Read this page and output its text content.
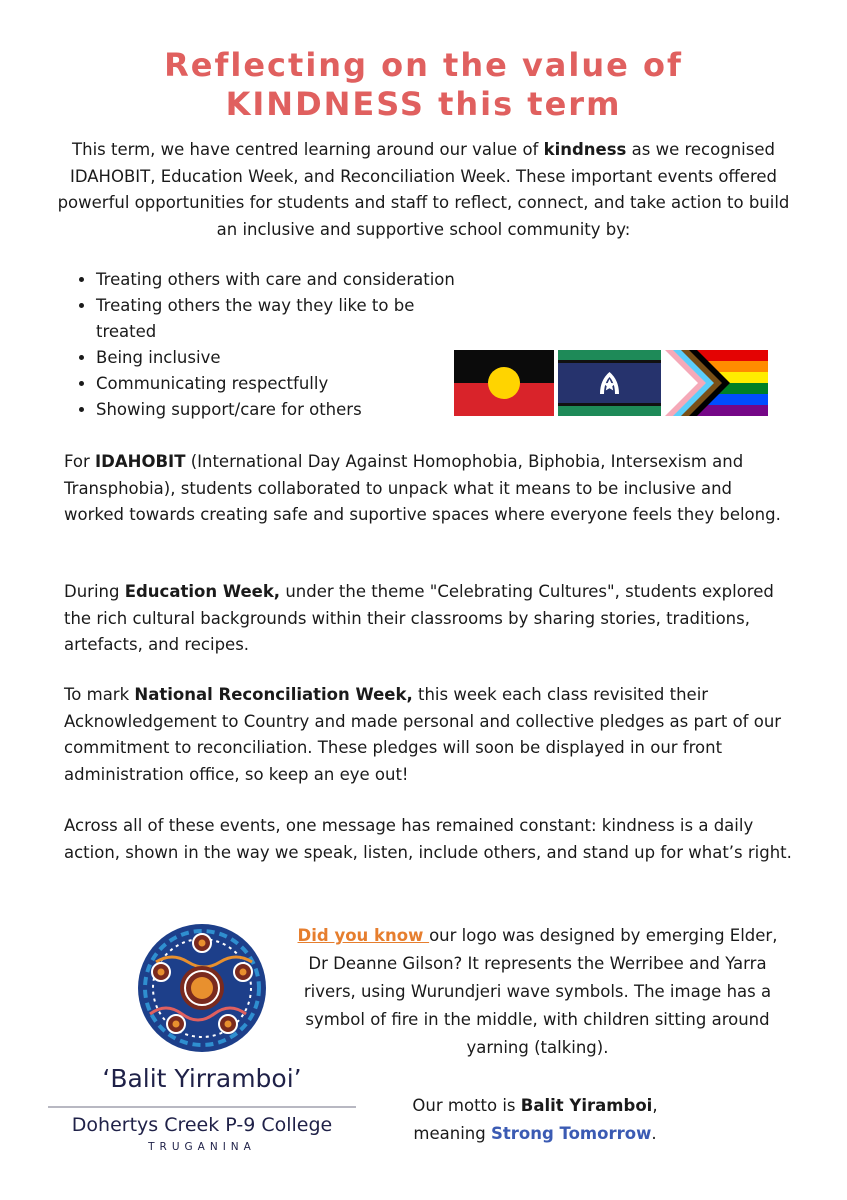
Reflecting on the value of
KINDNESS this term

This term, we have centred learning around our value of kindness as we recognised IDAHOBIT, Education Week, and Reconciliation Week. These important events offered powerful opportunities for students and staff to reflect, connect, and take action to build an inclusive and supportive school community by:

• Treating others with care and consideration
• Treating others the way they like to be treated
• Being inclusive
• Communicating respectfully
• Showing support/care for others

For IDAHOBIT (International Day Against Homophobia, Biphobia, Intersexism and Transphobia), students collaborated to unpack what it means to be inclusive and worked towards creating safe and suportive spaces where everyone feels they belong.

During Education Week, under the theme "Celebrating Cultures", students explored the rich cultural backgrounds within their classrooms by sharing stories, traditions, artefacts, and recipes.

To mark National Reconciliation Week, this week each class revisited their Acknowledgement to Country and made personal and collective pledges as part of our commitment to reconciliation. These pledges will soon be displayed in our front administration office, so keep an eye out!

Across all of these events, one message has remained constant: kindness is a daily action, shown in the way we speak, listen, include others, and stand up for what’s right.

‘Balit Yirramboi’
Dohertys Creek P-9 College
TRUGANINA

Did you know our logo was designed by emerging Elder, Dr Deanne Gilson? It represents the Werribee and Yarra rivers, using Wurundjeri wave symbols. The image has a symbol of fire in the middle, with children sitting around yarning (talking).

Our motto is Balit Yiramboi,
meaning Strong Tomorrow.
